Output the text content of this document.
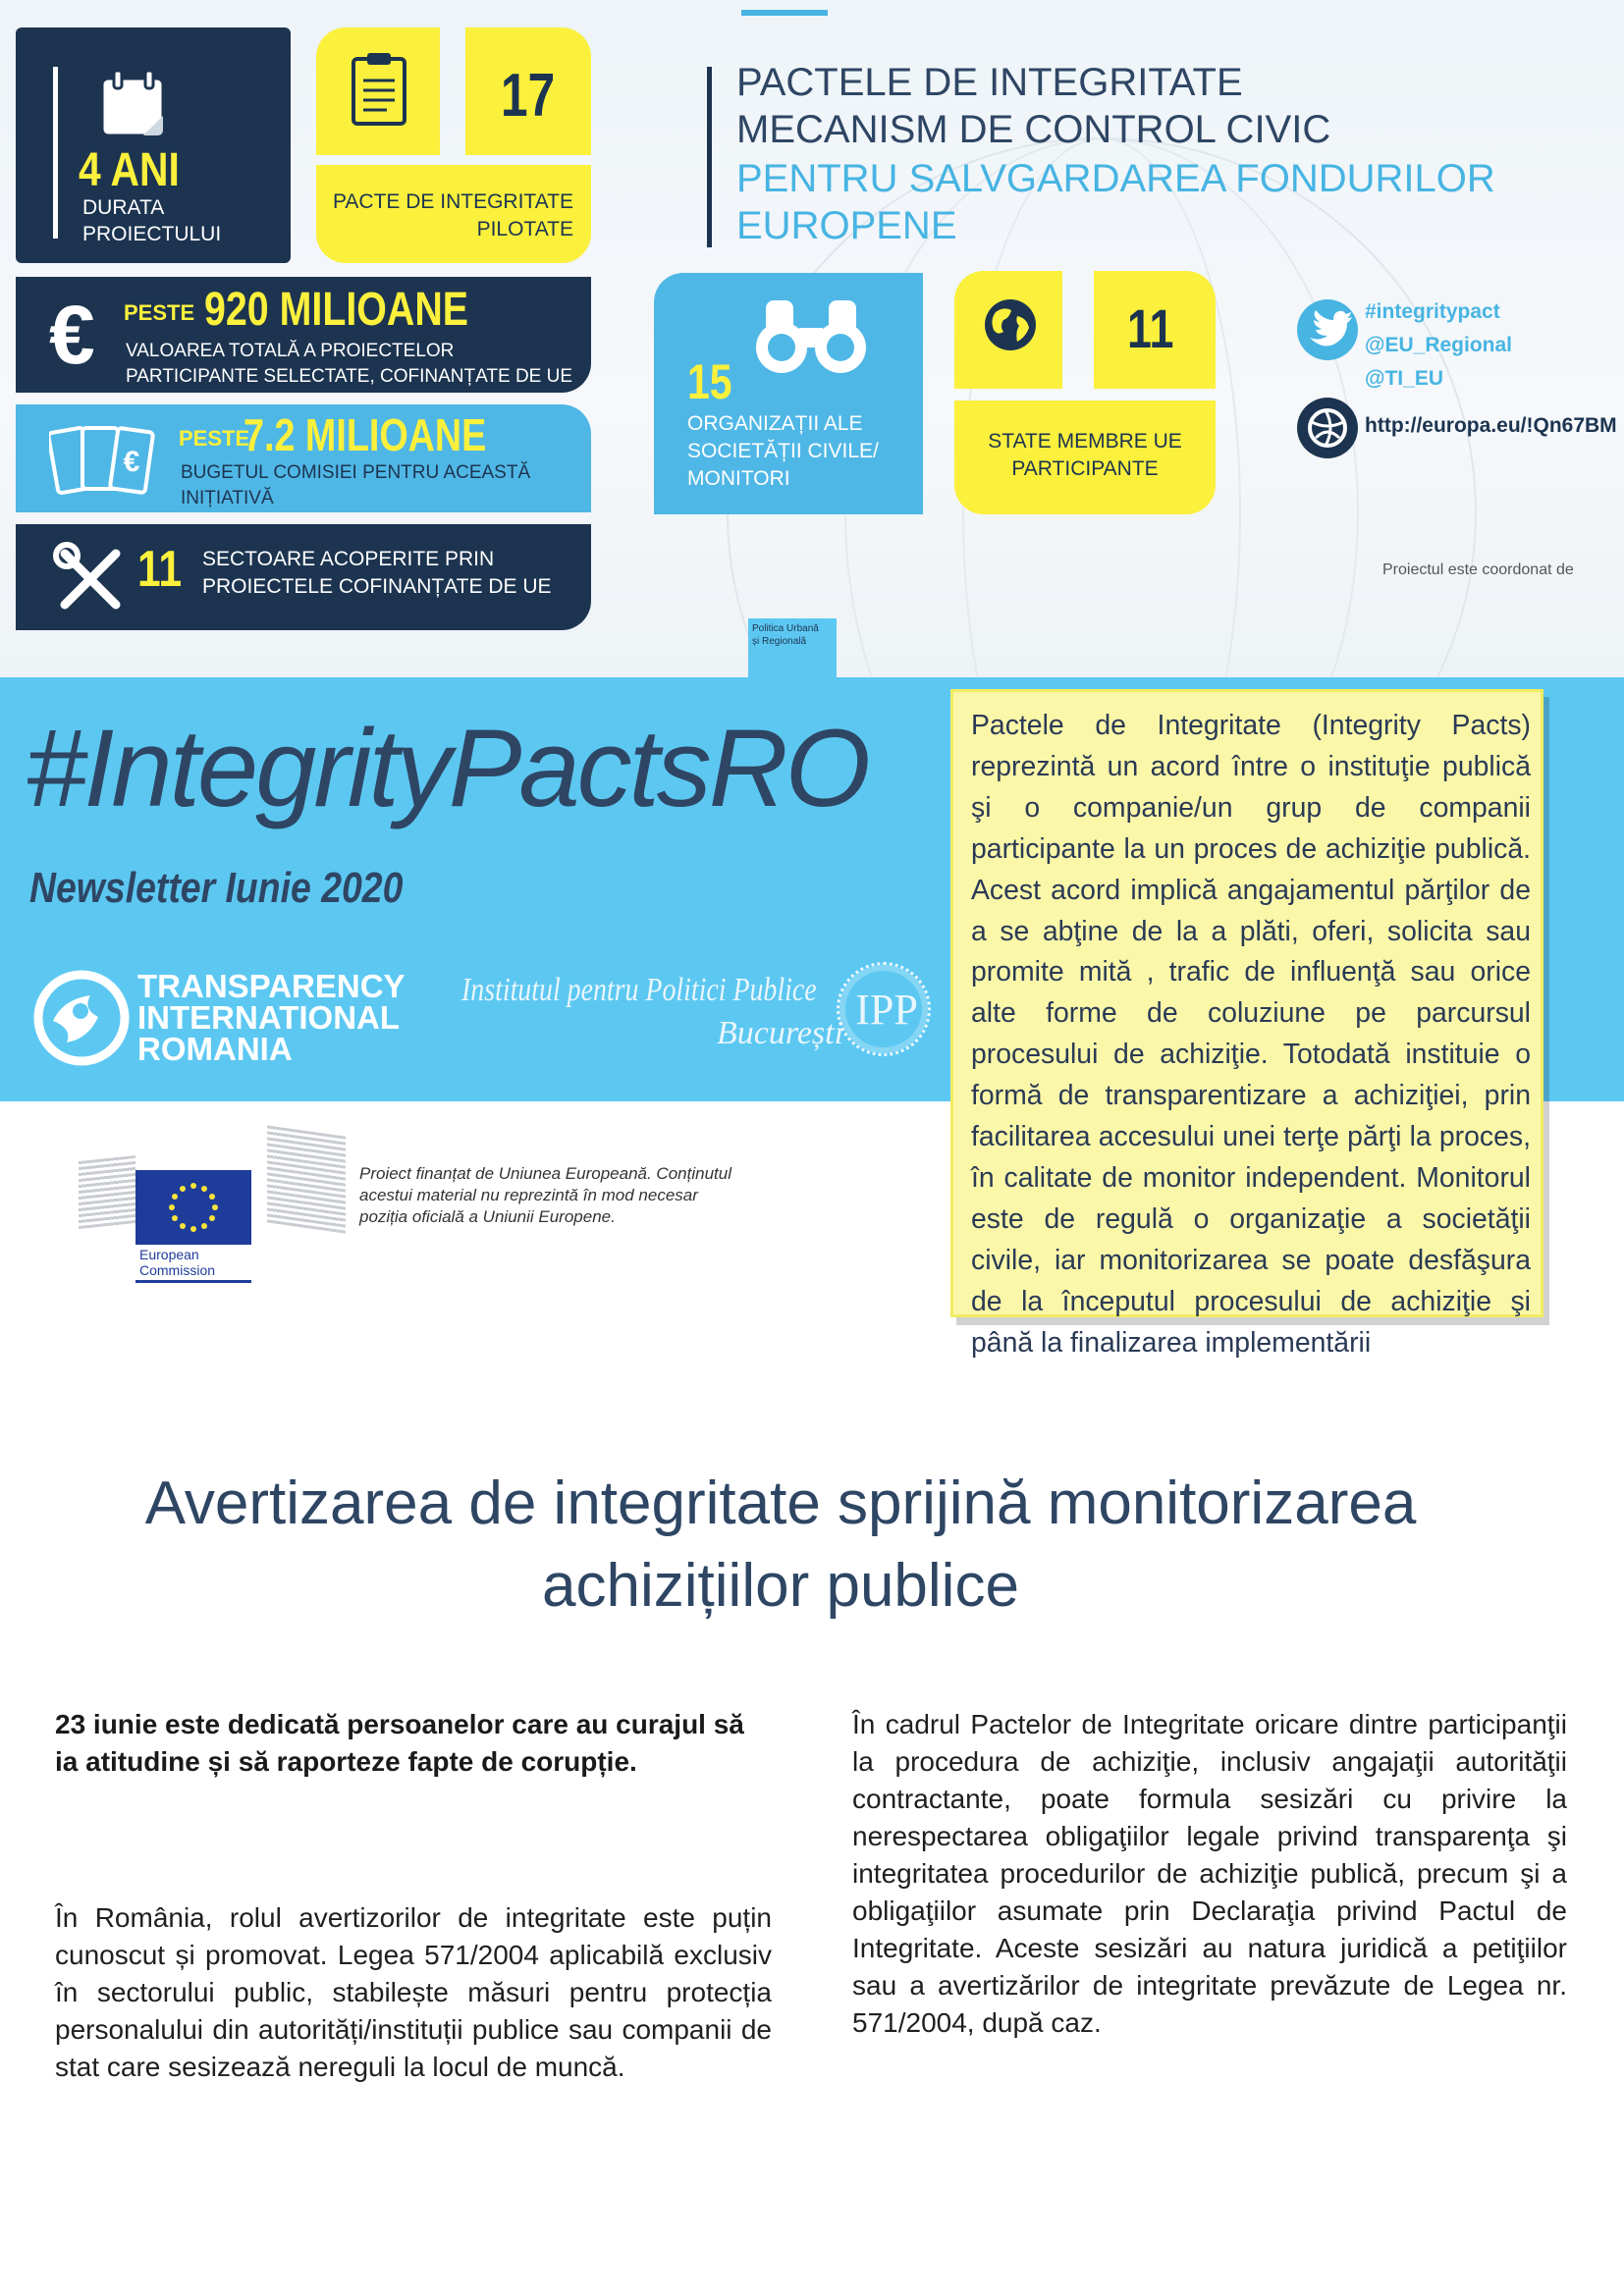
4 ANI
DURATA
PROIECTULUI
17
PACTE DE INTEGRITATE
PILOTATE
€ PESTE 920 MILIOANE
VALOAREA TOTALĂ A PROIECTELOR
PARTICIPANTE SELECTATE, COFINANȚATE DE UE
€
PESTE
7.2 MILIOANE
BUGETUL COMISIEI PENTRU ACEASTĂ
INIȚIATIVĂ
11 SECTOARE ACOPERITE PRIN
PROIECTELE COFINANȚATE DE UE
PACTELE DE INTEGRITATE
MECANISM DE CONTROL CIVIC
PENTRU SALVGARDAREA FONDURILOR
EUROPENE
15
ORGANIZAȚII ALE
SOCIETĂȚII CIVILE/
MONITORI
11
STATE MEMBRE UE
PARTICIPANTE
#integritypact
@EU_Regional
@TI_EU
http://europa.eu/!Qn67BM
Proiectul este coordonat de
Politica Urbană
și Regională
#IntegrityPactsRO
Newsletter Iunie 2020
TRANSPARENCY
INTERNATIONAL
ROMANIA
Institutul pentru Politici Publice
București IPP
European
Commission
Proiect finanțat de Uniunea Europeană. Conținutul
acestui material nu reprezintă în mod necesar
poziția oficială a Uniunii Europene.
Pactele de Integritate (Integrity Pacts) reprezintă un acord între o instituţie publică şi o companie/un grup de companii participante la un proces de achiziţie publică. Acest acord implică angajamentul părţilor de a se abţine de la a plăti, oferi, solicita sau promite mită , trafic de influenţă sau orice alte forme de coluziune pe parcursul procesului de achiziţie. Totodată instituie o formă de transparentizare a achiziţiei, prin facilitarea accesului unei terţe părţi la proces, în calitate de monitor independent. Monitorul este de regulă o organizaţie a societăţii civile, iar monitorizarea se poate desfăşura de la începutul procesului de achiziţie şi până la finalizarea implementării
Avertizarea de integritate sprijină monitorizarea
achizițiilor publice
23 iunie este dedicată persoanelor care au curajul să ia atitudine și să raporteze fapte de corupție.
În România, rolul avertizorilor de integritate este puțin cunoscut și promovat. Legea 571/2004 aplicabilă exclusiv în sectorului public, stabilește măsuri pentru protecția personalului din autorități/instituții publice sau companii de stat care sesizează nereguli la locul de muncă.
În cadrul Pactelor de Integritate oricare dintre participanţii la procedura de achiziţie, inclusiv angajaţii autorităţii contractante, poate formula sesizări cu privire la nerespectarea obligaţiilor legale privind transparenţa şi integritatea procedurilor de achiziţie publică, precum şi a obligaţiilor asumate prin Declaraţia privind Pactul de Integritate. Aceste sesizări au natura juridică a petiţiilor sau a avertizărilor de integritate prevăzute de Legea nr. 571/2004, după caz.
